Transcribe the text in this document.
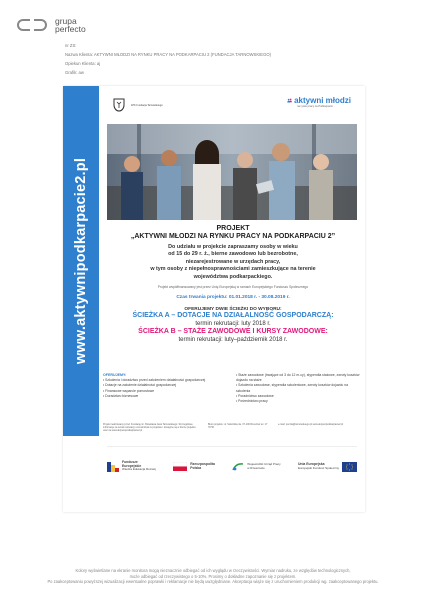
grupa
perfecto
nr ZS:
Nazwa Klienta: AKTYWNI MŁODZI NA RYNKU PRACY NA PODKARPACIU 2 (FUNDACJA TARNOWSKIEGO)
Opiekun Klienta: aj
Grafik: aw
www.aktywnipodkarpacie2.pl
ŁPK Fundacja Tarnowskiego	aktywni młodzi
na rynku pracy na Podkarpaciu
PROJEKT
„AKTYWNI MŁODZI NA RYNKU PRACY NA PODKARPACIU 2”
Do udziału w projekcie zapraszamy osoby w wieku
od 15 do 29 r. ż., bierne zawodowo lub bezrobotne,
niezarejestrowane w urzędach pracy,
w tym osoby z niepełnosprawnościami zamieszkujące na terenie
województwa podkarpackiego.
Projekt współfinansowany jest przez Unię Europejską w ramach Europejskiego Funduszu Społecznego
Czas trwania projektu: 01.01.2018 r. - 30.08.2019 r.
OFERUJEMY DWIE ŚCIEŻKI DO WYBORU:
ŚCIEŻKA A – DOTACJE NA DZIAŁALNOŚĆ GOSPODARCZĄ:
termin rekrutacji: luty 2018 r.
ŚCIEŻKA B – STAŻE ZAWODOWE I KURSY ZAWODOWE:
termin rekrutacji: luty–październik 2018 r.
OFERUJEMY:
• Szkolenia i doradztwo przed założeniem działalności gospodarczej
• Dotacje na założenie działalności gospodarczej
• Finansowe wsparcie pomostowe
• Doradztwo biznesowe
• Staże zawodowe (trwające od 3 do 12 m-cy), stypendia stażowe, zwroty kosztów dojazdu na staże
• Szkolenia zawodowe, stypendia szkoleniowe, zwroty kosztów dojazdu na szkolenia
• Poradnictwo zawodowe
• Pośrednictwo pracy
Projekt realizowany przez Fundację im. Bolesława Jana Tarnowskiego. Szczegółowe informacje na temat rekrutacji, uczestnictwa w projekcie i dostępne są w biurze projektu oraz na www.aktywnipodkarpacie2.pl
Biuro projektu: ul. Sokolnika 4a, 37-100 Rzeszów tel. 17 78 50
e-mail: poczta@tarnowskiego.pl www.aktywnipodkarpacie2.pl
Fundusze
Europejskie
Wiedza Edukacja Rozwój
Rzeczpospolita
Polska
Wojewódzki Urząd Pracy
w Rzeszowie
Unia Europejska
Europejski Fundusz Społeczny
Kolory wyświetlane na ekranie monitora mogą nieznacznie odbiegać od ich wyglądu w rzeczywistości. Wymiar nadruku, ze względów technologicznych,
może odbiegać od rzeczywistego o 5-10%. Prosimy o dokładne zapoznanie się z projektem.
Po zaakceptowaniu powyższej wizualizacji ewentualne poprawki i reklamacje nie będą uwzględniane. Akceptacja wiąże się z uruchomieniem produkcji wg. zaakceptowanego projektu.
